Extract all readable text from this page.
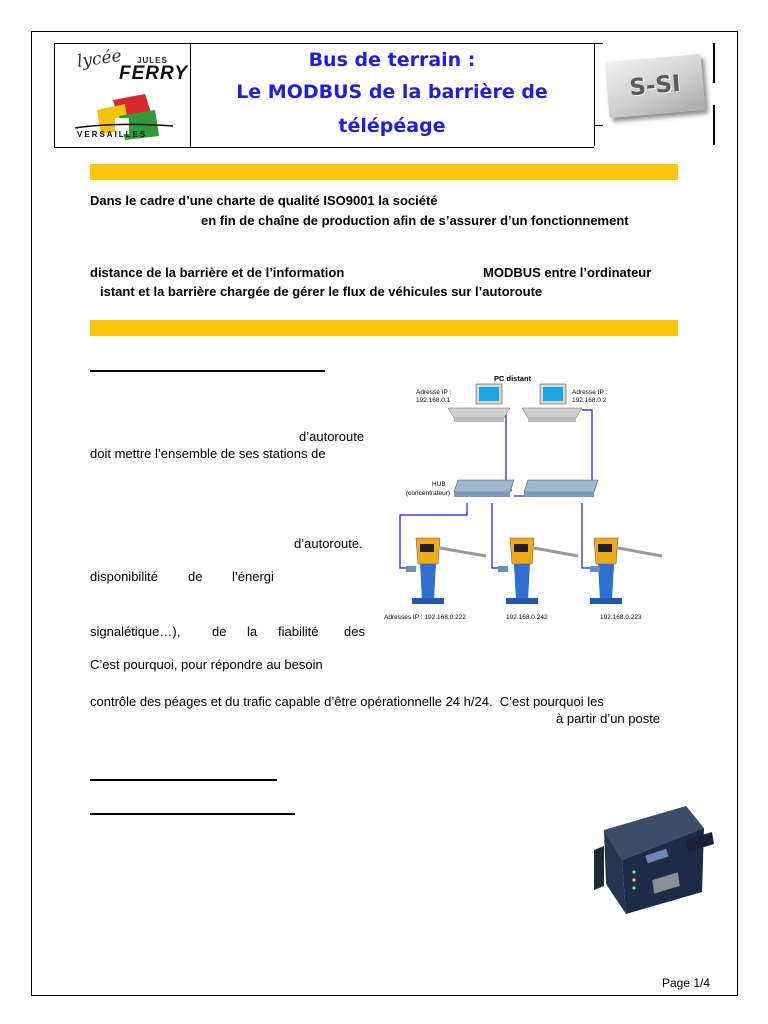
lycée JULES
FERRY
VERSAILLES
Bus de terrain :
Le MODBUS de la barrière de
télépéage
S-SI
Dans le cadre d’une charte de qualité ISO9001 la société
en fin de chaîne de production afin de s’assurer d’un fonctionnement
distance de la barrière et de l’information	MODBUS entre l’ordinateur
istant et la barrière chargée de gérer le flux de véhicules sur l’autoroute
d’autoroute
doit mettre l’ensemble de ses stations de
d’autoroute.
disponibilité de l’énergi
signalétique…), de la fiabilité des
C’est pourquoi, pour répondre au besoin
contrôle des péages et du trafic capable d’être opérationnelle 24 h/24.  C’est pourquoi les
à partir d’un poste
PC distant
Adresse IP :
192.168.0.1
Adresse IP :
192.168.0.2
HUB
(concentrateur)
Adresses IP : 192.168.0.222	192.168.0.242	192.168.0.223
Page 1/4
